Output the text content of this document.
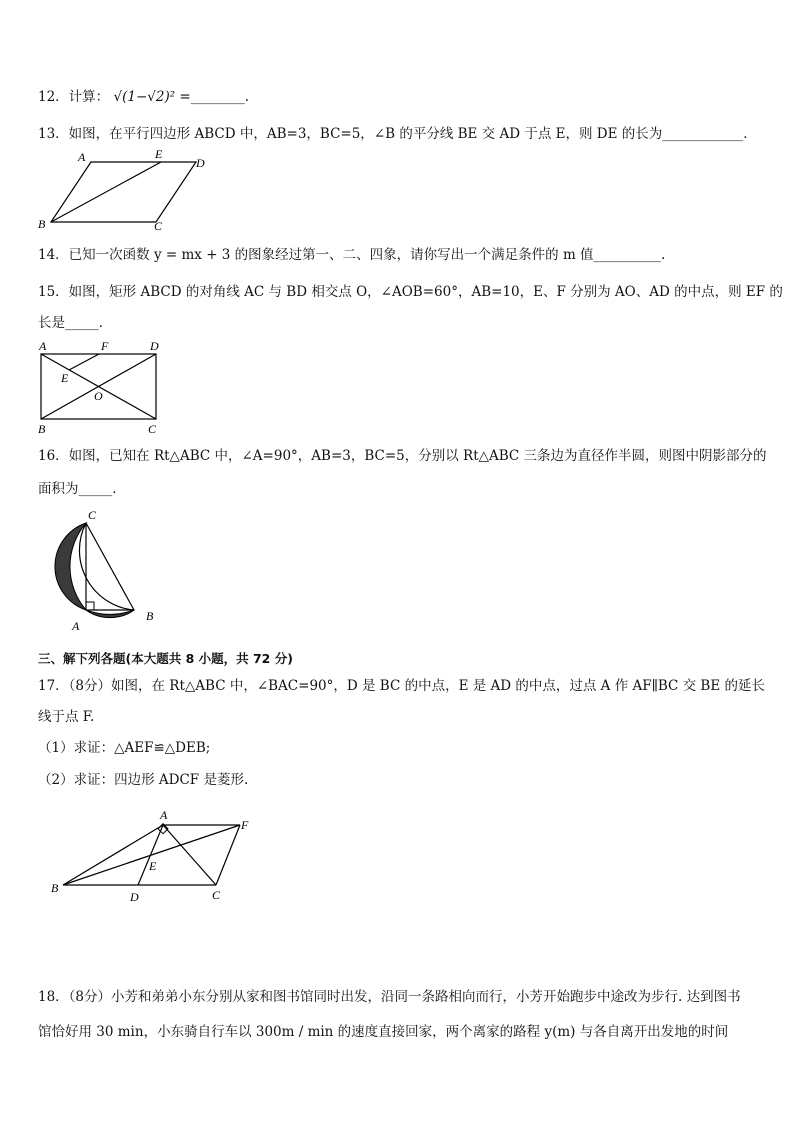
12．计算： √(1−√2)² =________.
13．如图，在平行四边形 ABCD 中，AB=3，BC=5，∠B 的平分线 BE 交 AD 于点 E，则 DE 的长为____________．
A	E
D
B	C
14．已知一次函数 y = mx + 3 的图象经过第一、二、四象，请你写出一个满足条件的 m 值__________.
15．如图，矩形 ABCD 的对角线 AC 与 BD 相交点 O，∠AOB=60°，AB=10，E、F 分别为 AO、AD 的中点，则 EF 的
长是_____．
A	F	D
E
O
B	C
16．如图，已知在 Rt△ABC 中，∠A=90°，AB=3，BC=5，分别以 Rt△ABC 三条边为直径作半圆，则图中阴影部分的
面积为_____．
C
A
B
三、解下列各题(本大题共 8 小题，共 72 分)
17．（8分）如图，在 Rt△ABC 中，∠BAC=90°，D 是 BC 的中点，E 是 AD 的中点，过点 A 作 AF∥BC 交 BE 的延长
线于点 F.
（1）求证：△AEF≌△DEB;
（2）求证：四边形 ADCF 是菱形.
A
F
E
B
D	C
18．（8分）小芳和弟弟小东分别从家和图书馆同时出发，沿同一条路相向而行，小芳开始跑步中途改为步行. 达到图书
馆恰好用 30 min，小东骑自行车以 300m / min 的速度直接回家，两个离家的路程 y(m) 与各自离开出发地的时间
